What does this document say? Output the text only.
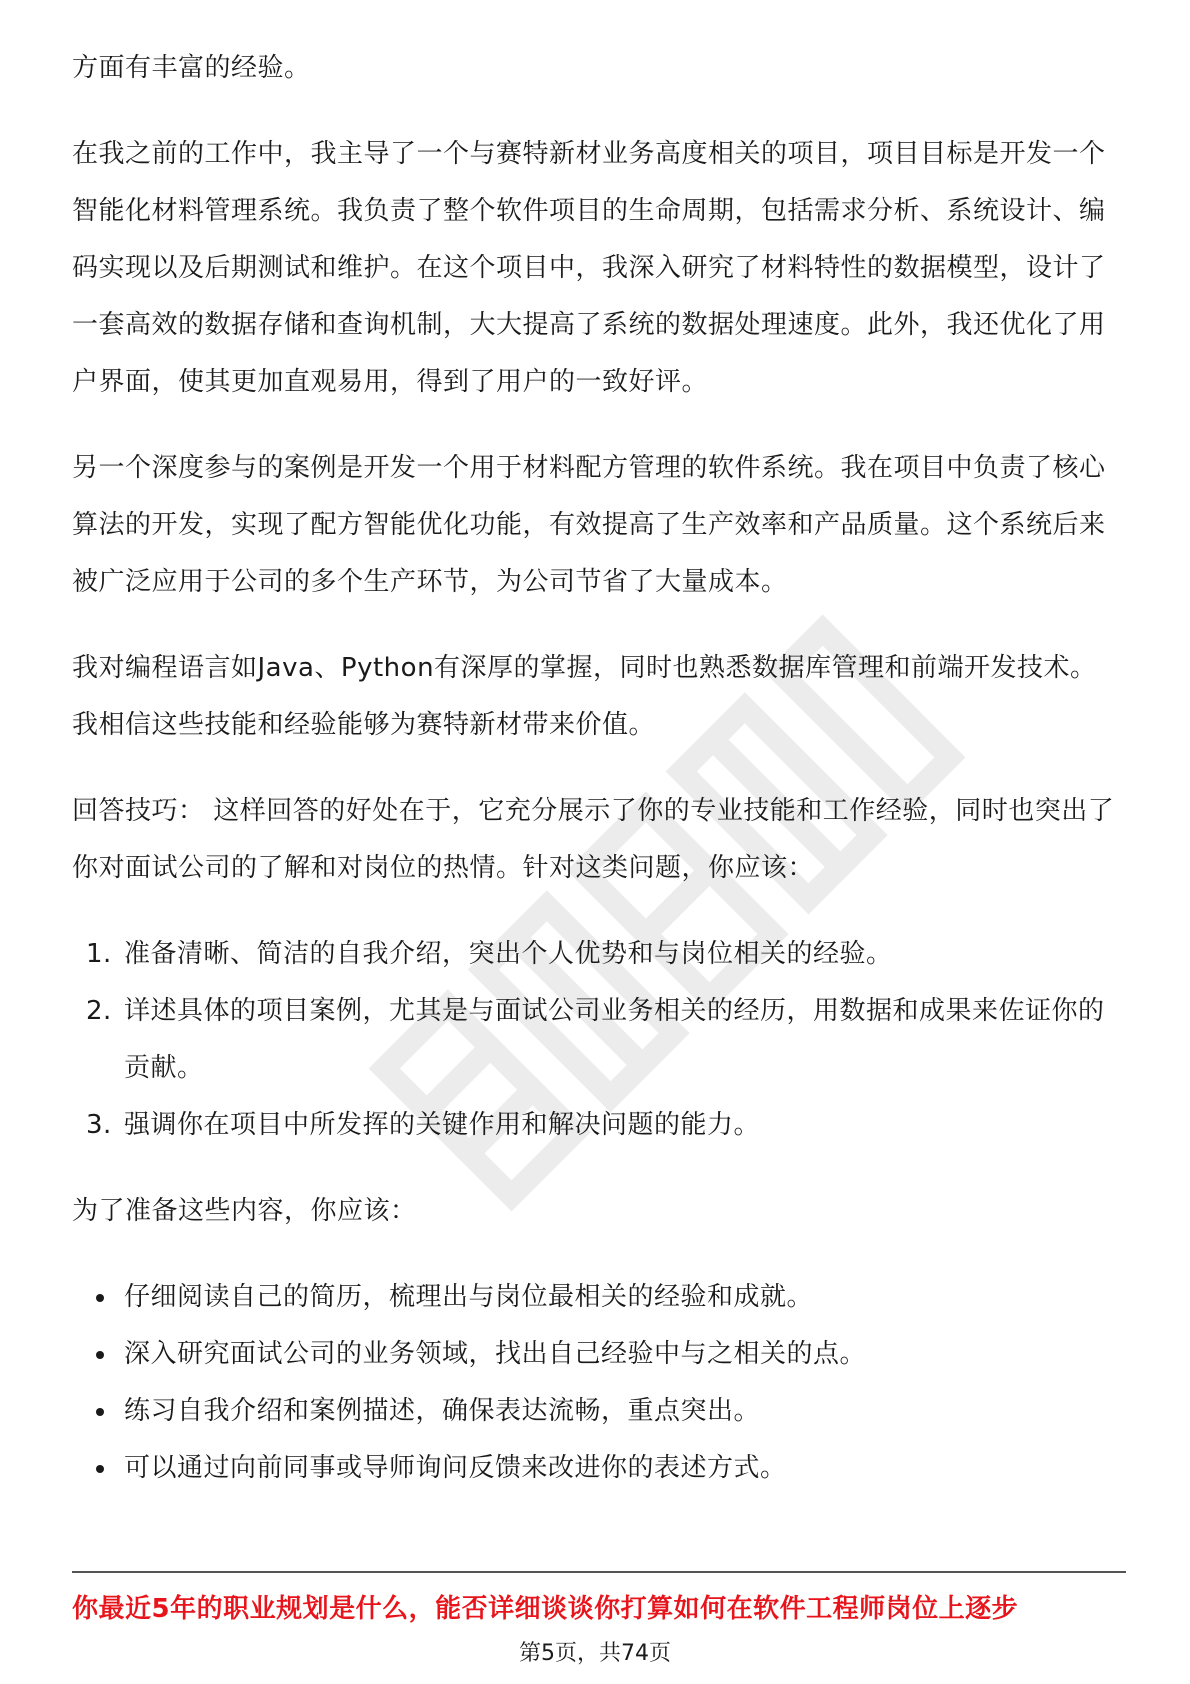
方面有丰富的经验。

在我之前的工作中，我主导了一个与赛特新材业务高度相关的项目，项目目标是开发一个智能化材料管理系统。我负责了整个软件项目的生命周期，包括需求分析、系统设计、编码实现以及后期测试和维护。在这个项目中，我深入研究了材料特性的数据模型，设计了一套高效的数据存储和查询机制，大大提高了系统的数据处理速度。此外，我还优化了用户界面，使其更加直观易用，得到了用户的一致好评。

另一个深度参与的案例是开发一个用于材料配方管理的软件系统。我在项目中负责了核心算法的开发，实现了配方智能优化功能，有效提高了生产效率和产品质量。这个系统后来被广泛应用于公司的多个生产环节，为公司节省了大量成本。

我对编程语言如Java、Python有深厚的掌握，同时也熟悉数据库管理和前端开发技术。我相信这些技能和经验能够为赛特新材带来价值。

回答技巧： 这样回答的好处在于，它充分展示了你的专业技能和工作经验，同时也突出了你对面试公司的了解和对岗位的热情。针对这类问题，你应该：

1. 准备清晰、简洁的自我介绍，突出个人优势和与岗位相关的经验。
2. 详述具体的项目案例，尤其是与面试公司业务相关的经历，用数据和成果来佐证你的贡献。
3. 强调你在项目中所发挥的关键作用和解决问题的能力。

为了准备这些内容，你应该：

仔细阅读自己的简历，梳理出与岗位最相关的经验和成就。
深入研究面试公司的业务领域，找出自己经验中与之相关的点。
练习自我介绍和案例描述，确保表达流畅，重点突出。
可以通过向前同事或导师询问反馈来改进你的表述方式。
你最近5年的职业规划是什么，能否详细谈谈你打算如何在软件工程师岗位上逐步
第5页，共74页
